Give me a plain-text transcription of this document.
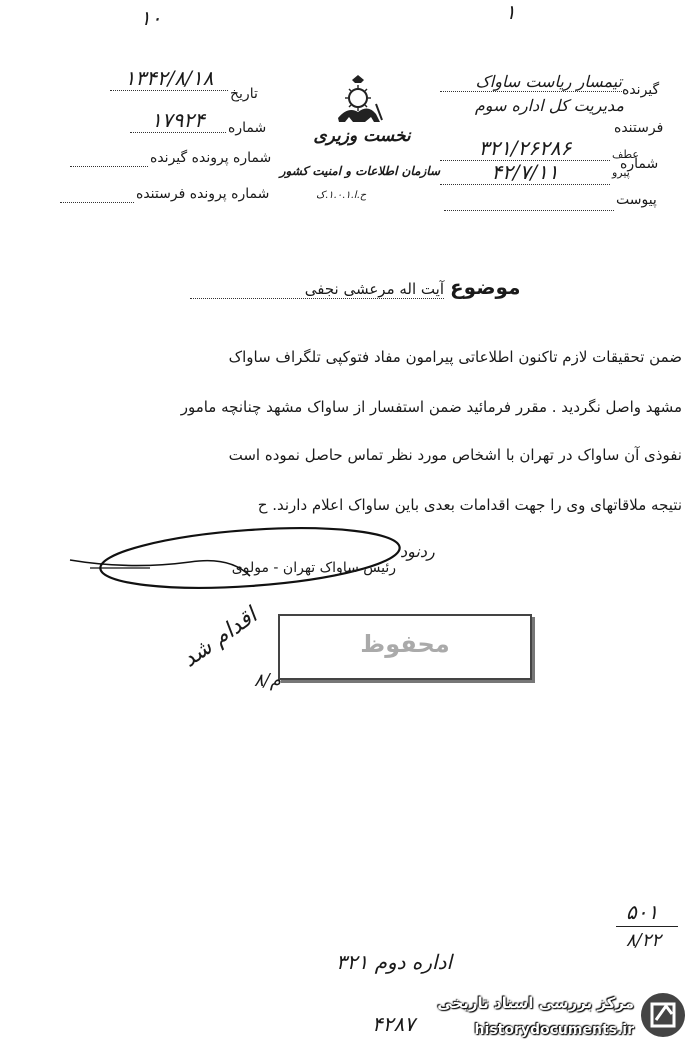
۱۰	۱
تاریخ
۱۳۴۲/۸/۱۸
شماره
۱۷۹۲۴
شماره پرونده گیرنده
شماره پرونده فرستنده
نخست وزیری
سازمان اطلاعات و امنیت کشور
ح.ا.۱.۰.۱.ک
گیرنده
تیمسار ریاست ساواک
مدیریت کل اداره سوم
فرستنده
عطف
شماره
پیرو
۳۲۱/۲۶۲۸۶
۴۲/۷/۱۱
پیوست
موضوع
آیت اله مرعشی نجفی
ضمن تحقیقات لازم تاکنون اطلاعاتی پیرامون مفاد فتوکپی تلگراف ساواک
مشهد واصل نگردید . مقرر فرمائید ضمن استفسار از ساواک مشهد چنانچه مامور
نفوذی آن ساواک در تهران با اشخاص مورد نظر تماس حاصل نموده است
نتیجه ملاقاتهای وی را جهت اقدامات بعدی باین ساواک اعلام دارند. ح
رئیس ساواک تهران - مولوی
ردنود
محفوظ
اقدام شد
۸/م
۵۰۱
۸/۲۲
اداره دوم ۳۲۱
۴۲۸۷
مرکز بررسی اسناد تاریخی
historydocuments.ir
